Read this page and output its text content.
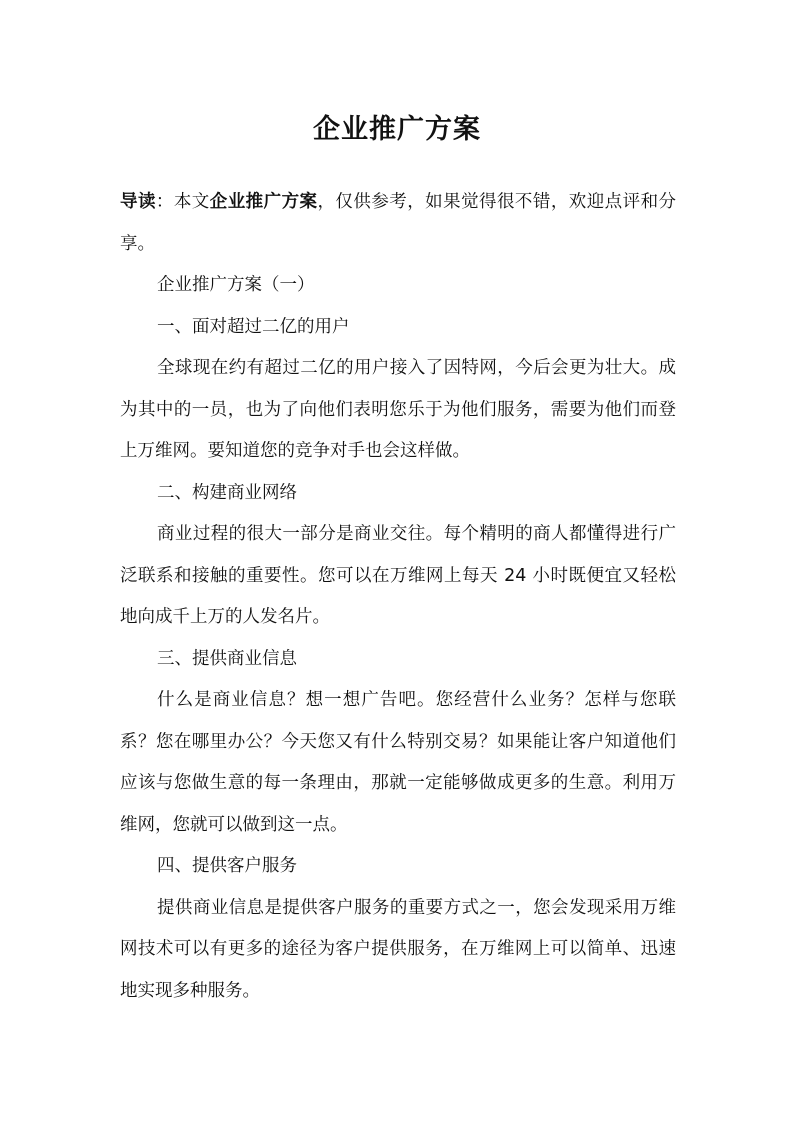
企业推广方案

导读：本文企业推广方案，仅供参考，如果觉得很不错，欢迎点评和分享。

企业推广方案（一）

一、面对超过二亿的用户

全球现在约有超过二亿的用户接入了因特网，今后会更为壮大。成为其中的一员，也为了向他们表明您乐于为他们服务，需要为他们而登上万维网。要知道您的竞争对手也会这样做。

二、构建商业网络

商业过程的很大一部分是商业交往。每个精明的商人都懂得进行广泛联系和接触的重要性。您可以在万维网上每天 24 小时既便宜又轻松地向成千上万的人发名片。

三、提供商业信息

什么是商业信息？想一想广告吧。您经营什么业务？怎样与您联系？您在哪里办公？今天您又有什么特别交易？如果能让客户知道他们应该与您做生意的每一条理由，那就一定能够做成更多的生意。利用万维网，您就可以做到这一点。

四、提供客户服务

提供商业信息是提供客户服务的重要方式之一，您会发现采用万维网技术可以有更多的途径为客户提供服务，在万维网上可以简单、迅速地实现多种服务。
